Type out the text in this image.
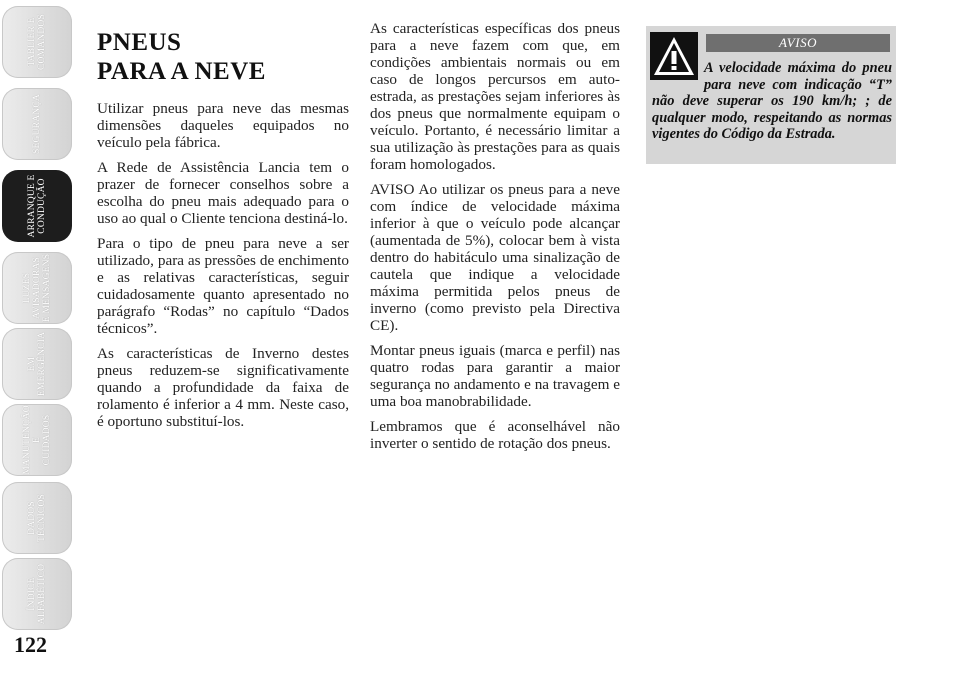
TABLIER E
COMANDOS
SEGURANÇA
ARRANQUE E
CONDUÇÃO
LUZES
AVISADORAS
E MENSAGENS
EM
EMERGÊNCIA
MANUTENÇÃO E
CUIDADOS
DADOS
TÉCNICOS
ÍNDICE
ALFABÉTICO
122
PNEUS
PARA A NEVE

Utilizar pneus para neve das mesmas dimensões daqueles equipados no veículo pela fábrica.

A Rede de Assistência Lancia tem o prazer de fornecer conselhos sobre a escolha do pneu mais adequado para o uso ao qual o Cliente tenciona destiná-lo.

Para o tipo de pneu para neve a ser utilizado, para as pressões de enchimento e as relativas características, seguir cuidadosamente quanto apresentado no parágrafo “Rodas” no capítulo “Dados técnicos”.

As características de Inverno destes pneus reduzem-se significativamente quando a profundidade da faixa de rolamento é inferior a 4 mm. Neste caso, é oportuno substituí-los.

As características específicas dos pneus para a neve fazem com que, em condições ambientais normais ou em caso de longos percursos em auto-estrada, as prestações sejam inferiores às dos pneus que normalmente equipam o veículo. Portanto, é necessário limitar a sua utilização às prestações para as quais foram homologados.

AVISO Ao utilizar os pneus para a neve com índice de velocidade máxima inferior à que o veículo pode alcançar (aumentada de 5%), colocar bem à vista dentro do habitáculo uma sinalização de cautela que indique a velocidade máxima permitida pelos pneus de inverno (como previsto pela Directiva CE).

Montar pneus iguais (marca e perfil) nas quatro rodas para garantir a maior segurança no andamento e na travagem e uma boa manobrabilidade.

Lembramos que é aconselhável não inverter o sentido de rotação dos pneus.

AVISO
A velocidade máxima do pneu para neve com indicação “T” não deve superar os 190 km/h; ; de qualquer modo, respeitando as normas vigentes do Código da Estrada.
